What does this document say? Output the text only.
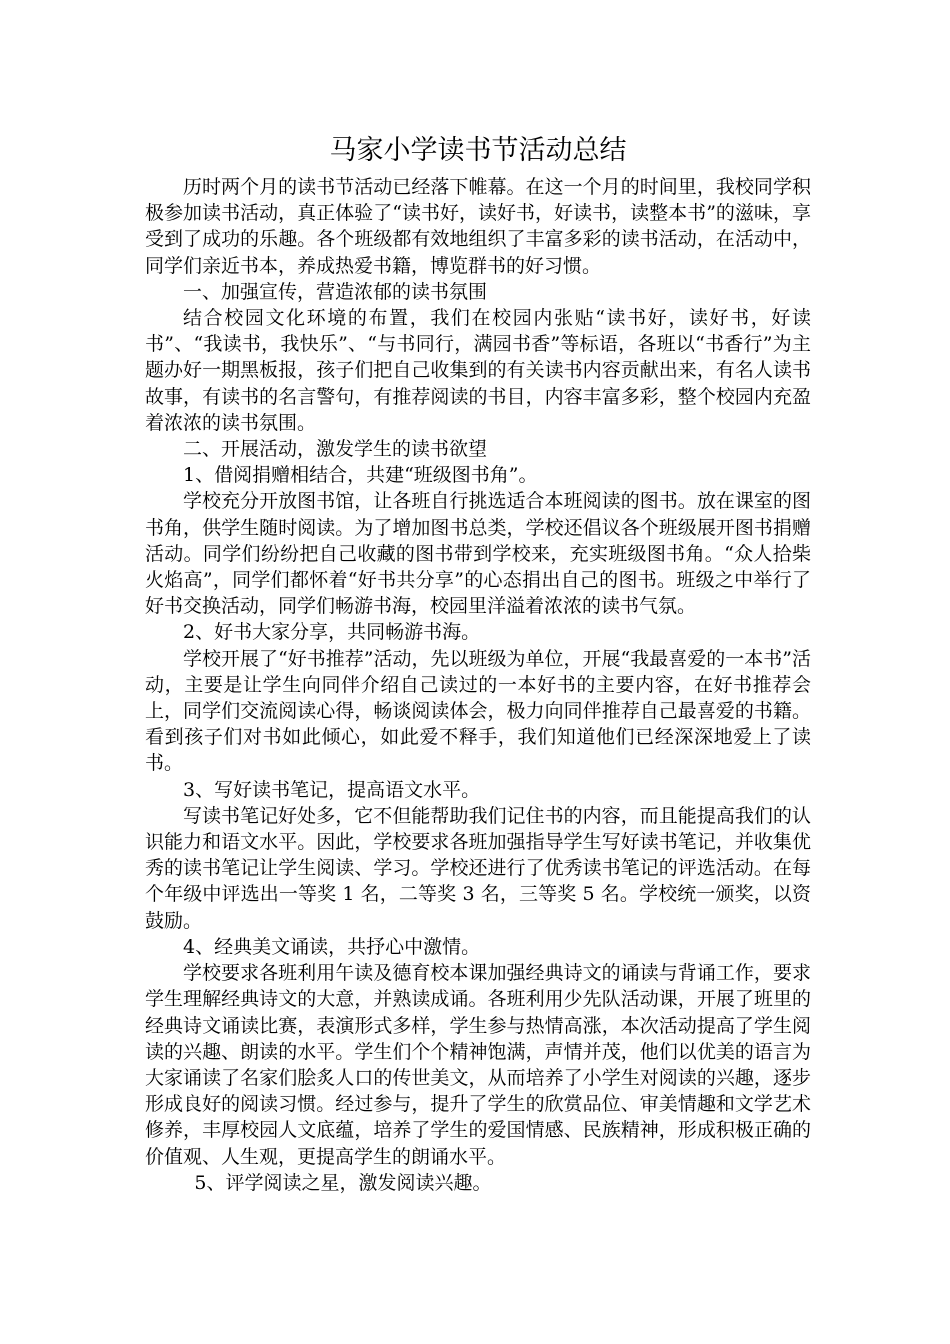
马家小学读书节活动总结

历时两个月的读书节活动已经落下帷幕。在这一个月的时间里，我校同学积极参加读书活动，真正体验了“读书好，读好书，好读书，读整本书”的滋味，享受到了成功的乐趣。各个班级都有效地组织了丰富多彩的读书活动，在活动中，同学们亲近书本，养成热爱书籍，博览群书的好习惯。

一、加强宣传，营造浓郁的读书氛围

结合校园文化环境的布置，我们在校园内张贴“读书好，读好书，好读书”、“我读书，我快乐”、“与书同行，满园书香”等标语，各班以“书香行”为主题办好一期黑板报，孩子们把自己收集到的有关读书内容贡献出来，有名人读书故事，有读书的名言警句，有推荐阅读的书目，内容丰富多彩，整个校园内充盈着浓浓的读书氛围。

二、开展活动，激发学生的读书欲望

1、借阅捐赠相结合，共建“班级图书角”。

学校充分开放图书馆，让各班自行挑选适合本班阅读的图书。放在课室的图书角，供学生随时阅读。为了增加图书总类，学校还倡议各个班级展开图书捐赠活动。同学们纷纷把自己收藏的图书带到学校来，充实班级图书角。“众人拾柴火焰高”，同学们都怀着“好书共分享”的心态捐出自己的图书。班级之中举行了好书交换活动，同学们畅游书海，校园里洋溢着浓浓的读书气氛。

2、好书大家分享，共同畅游书海。

学校开展了“好书推荐”活动，先以班级为单位，开展“我最喜爱的一本书”活动，主要是让学生向同伴介绍自己读过的一本好书的主要内容，在好书推荐会上，同学们交流阅读心得，畅谈阅读体会，极力向同伴推荐自己最喜爱的书籍。看到孩子们对书如此倾心，如此爱不释手，我们知道他们已经深深地爱上了读书。

3、写好读书笔记，提高语文水平。

写读书笔记好处多，它不但能帮助我们记住书的内容，而且能提高我们的认识能力和语文水平。因此，学校要求各班加强指导学生写好读书笔记，并收集优秀的读书笔记让学生阅读、学习。学校还进行了优秀读书笔记的评选活动。在每个年级中评选出一等奖 1 名，二等奖 3 名，三等奖 5 名。学校统一颁奖，以资鼓励。

4、经典美文诵读，共抒心中激情。

学校要求各班利用午读及德育校本课加强经典诗文的诵读与背诵工作，要求学生理解经典诗文的大意，并熟读成诵。各班利用少先队活动课，开展了班里的经典诗文诵读比赛，表演形式多样，学生参与热情高涨，本次活动提高了学生阅读的兴趣、朗读的水平。学生们个个精神饱满，声情并茂，他们以优美的语言为大家诵读了名家们脍炙人口的传世美文，从而培养了小学生对阅读的兴趣，逐步形成良好的阅读习惯。经过参与，提升了学生的欣赏品位、审美情趣和文学艺术修养，丰厚校园人文底蕴，培养了学生的爱国情感、民族精神，形成积极正确的价值观、人生观，更提高学生的朗诵水平。

5、评学阅读之星，激发阅读兴趣。
